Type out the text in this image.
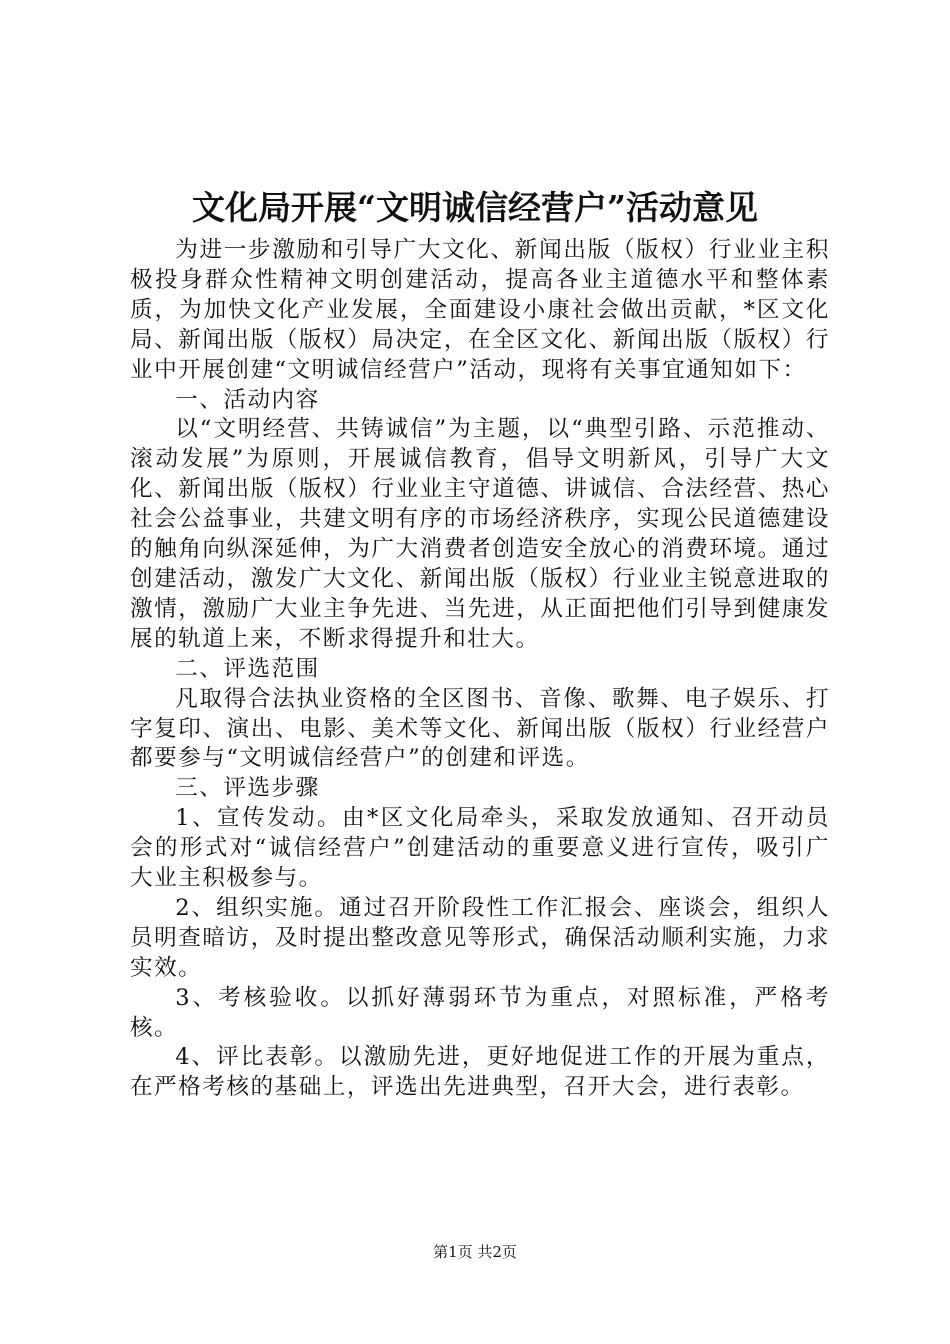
文化局开展“文明诚信经营户”活动意见

为进一步激励和引导广大文化、新闻出版（版权）行业业主积极投身群众性精神文明创建活动，提高各业主道德水平和整体素质，为加快文化产业发展，全面建设小康社会做出贡献，*区文化局、新闻出版（版权）局决定，在全区文化、新闻出版（版权）行业中开展创建“文明诚信经营户”活动，现将有关事宜通知如下：

一、活动内容

以“文明经营、共铸诚信”为主题，以“典型引路、示范推动、滚动发展”为原则，开展诚信教育，倡导文明新风，引导广大文化、新闻出版（版权）行业业主守道德、讲诚信、合法经营、热心社会公益事业，共建文明有序的市场经济秩序，实现公民道德建设的触角向纵深延伸，为广大消费者创造安全放心的消费环境。通过创建活动，激发广大文化、新闻出版（版权）行业业主锐意进取的激情，激励广大业主争先进、当先进，从正面把他们引导到健康发展的轨道上来，不断求得提升和壮大。

二、评选范围

凡取得合法执业资格的全区图书、音像、歌舞、电子娱乐、打字复印、演出、电影、美术等文化、新闻出版（版权）行业经营户都要参与“文明诚信经营户”的创建和评选。

三、评选步骤

1、宣传发动。由*区文化局牵头，采取发放通知、召开动员会的形式对“诚信经营户”创建活动的重要意义进行宣传，吸引广大业主积极参与。

2、组织实施。通过召开阶段性工作汇报会、座谈会，组织人员明查暗访，及时提出整改意见等形式，确保活动顺利实施，力求实效。

3、考核验收。以抓好薄弱环节为重点，对照标准，严格考核。

4、评比表彰。以激励先进，更好地促进工作的开展为重点，在严格考核的基础上，评选出先进典型，召开大会，进行表彰。

第1页 共2页
